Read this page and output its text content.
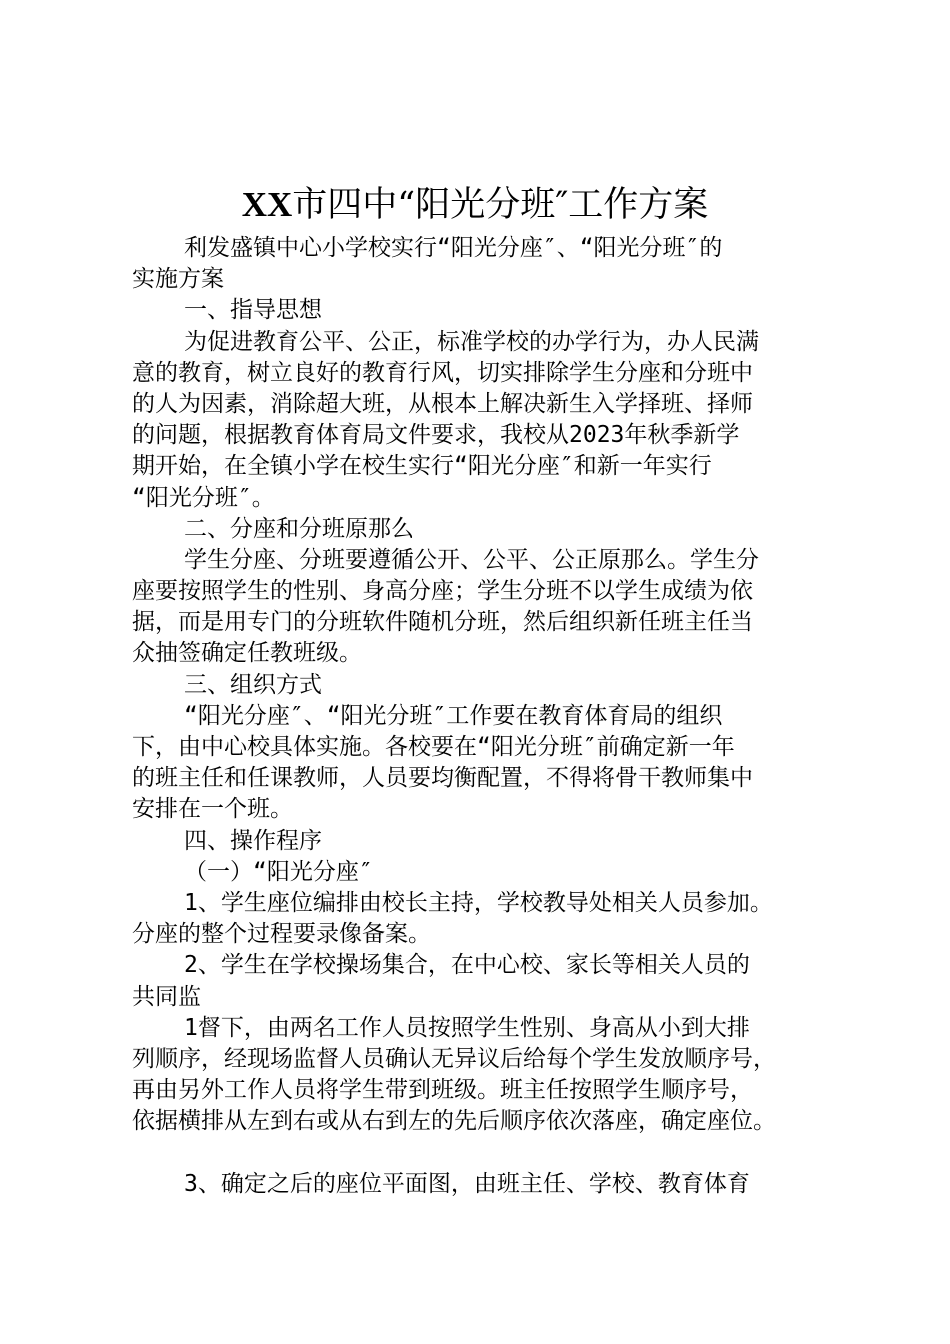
XX市四中“阳光分班″工作方案
利发盛镇中心小学校实行“阳光分座″、“阳光分班″的
实施方案
一、指导思想
为促进教育公平、公正，标准学校的办学行为，办人民满
意的教育，树立良好的教育行风，切实排除学生分座和分班中
的人为因素，消除超大班，从根本上解决新生入学择班、择师
的问题，根据教育体育局文件要求，我校从2023年秋季新学
期开始，在全镇小学在校生实行“阳光分座″和新一年实行
“阳光分班″。
二、分座和分班原那么
学生分座、分班要遵循公开、公平、公正原那么。学生分
座要按照学生的性别、身高分座；学生分班不以学生成绩为依
据，而是用专门的分班软件随机分班，然后组织新任班主任当
众抽签确定任教班级。
三、组织方式
“阳光分座″、“阳光分班″工作要在教育体育局的组织
下，由中心校具体实施。各校要在“阳光分班″前确定新一年
的班主任和任课教师，人员要均衡配置，不得将骨干教师集中
安排在一个班。
四、操作程序
（一）“阳光分座″
1、学生座位编排由校长主持，学校教导处相关人员参加。
分座的整个过程要录像备案。
2、学生在学校操场集合，在中心校、家长等相关人员的
共同监
1督下，由两名工作人员按照学生性别、身高从小到大排
列顺序，经现场监督人员确认无异议后给每个学生发放顺序号，
再由另外工作人员将学生带到班级。班主任按照学生顺序号，
依据横排从左到右或从右到左的先后顺序依次落座，确定座位。
3、确定之后的座位平面图，由班主任、学校、教育体育
